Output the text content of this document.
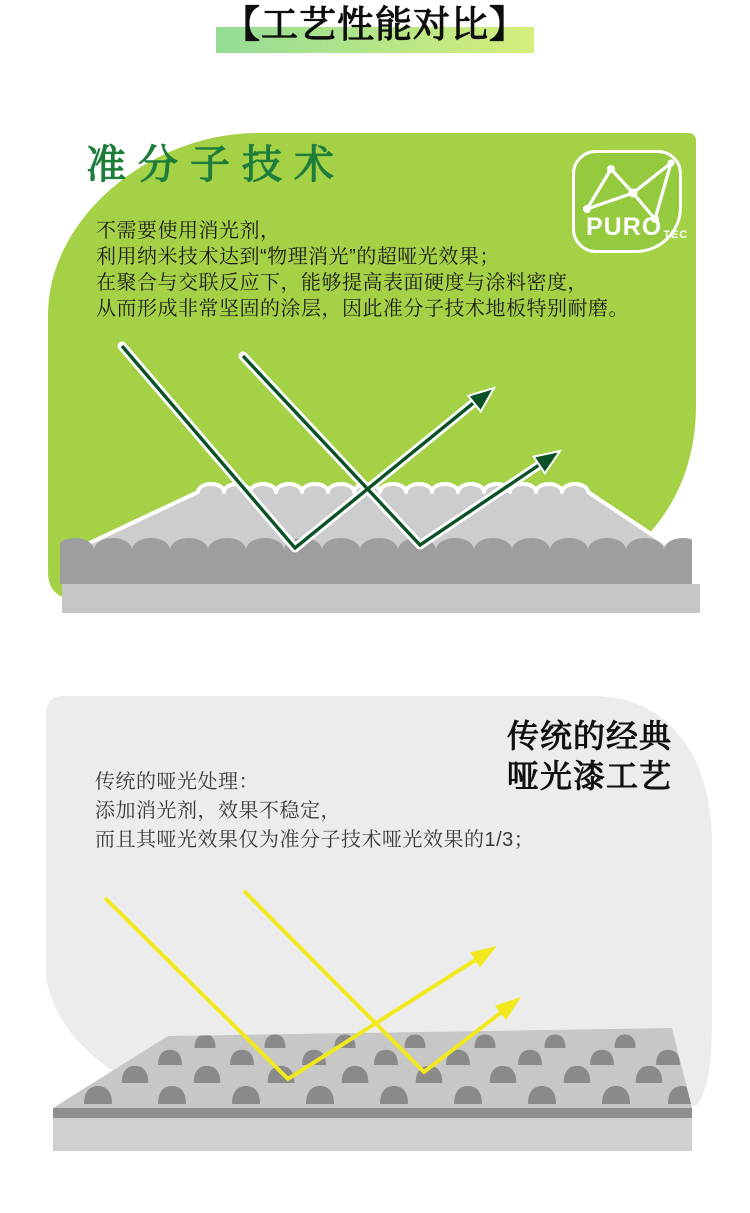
【工艺性能对比】
准分子技术

不需要使用消光剂，

利用纳米技术达到“物理消光”的超哑光效果；

在聚合与交联反应下，能够提高表面硬度与涂料密度，

从而形成非常坚固的涂层，因此准分子技术地板特别耐磨。

PUROTEC
传统的经典
哑光漆工艺

传统的哑光处理：

添加消光剂，效果不稳定，

而且其哑光效果仅为准分子技术哑光效果的1/3；
